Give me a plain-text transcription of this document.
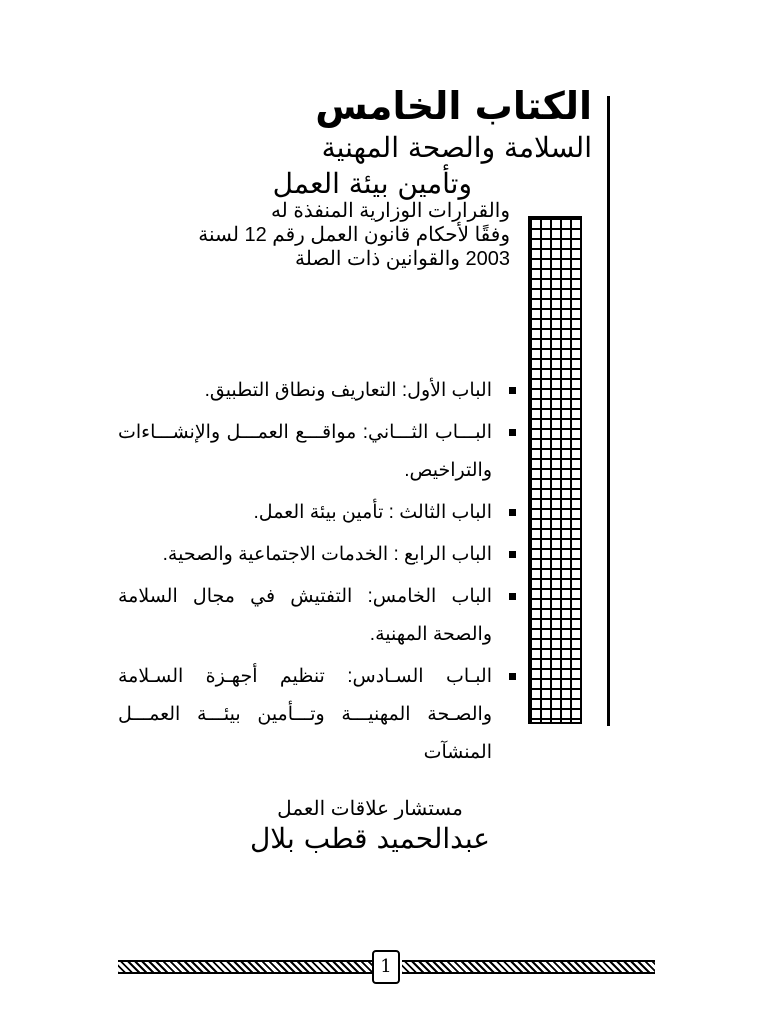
الكتاب الخامس
السلامة والصحة المهنية
وتأمين بيئة العمل
والقرارات الوزارية المنفذة له
وفقًا لأحكام قانون العمل رقم 12 لسنة
2003 والقوانين ذات الصلة
الباب الأول: التعاريف ونطاق التطبيق.
البـــاب الثـــاني: مواقـــع العمـــل والإنشـــاءات والتراخيص.
الباب الثالث : تأمين بيئة العمل.
الباب الرابع : الخدمات الاجتماعية والصحية.
الباب الخامس: التفتيش في مجال السلامة والصحة المهنية.
البـاب السـادس: تنظيم أجهـزة السـلامة والصـحة المهنيـــة وتـــأمين بيئـــة العمـــل المنشآت
مستشار علاقات العمل
عبدالحميد قطب بلال
1
